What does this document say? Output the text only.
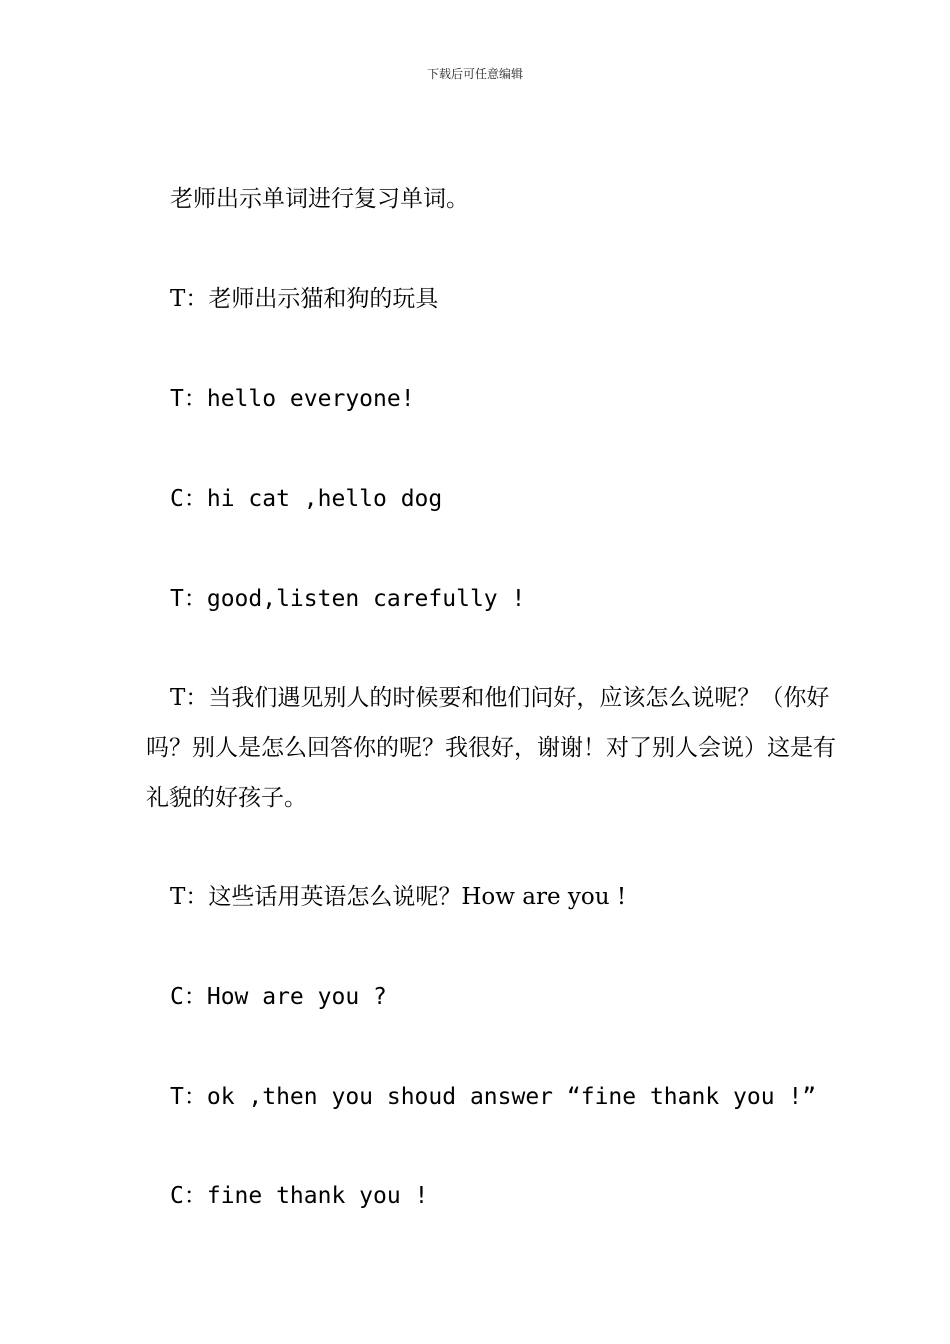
下载后可任意编辑
老师出示单词进行复习单词。
T：老师出示猫和狗的玩具
T：hello everyone!
C：hi cat ,hello dog
T：good,listen carefully !
T：当我们遇见别人的时候要和他们问好，应该怎么说呢？（你好吗？别人是怎么回答你的呢？我很好，谢谢！对了别人会说）这是有礼貌的好孩子。
T：这些话用英语怎么说呢？How are you !
C：How are you ?
T：ok ,then you shoud answer “fine thank you !”
C：fine thank you !
